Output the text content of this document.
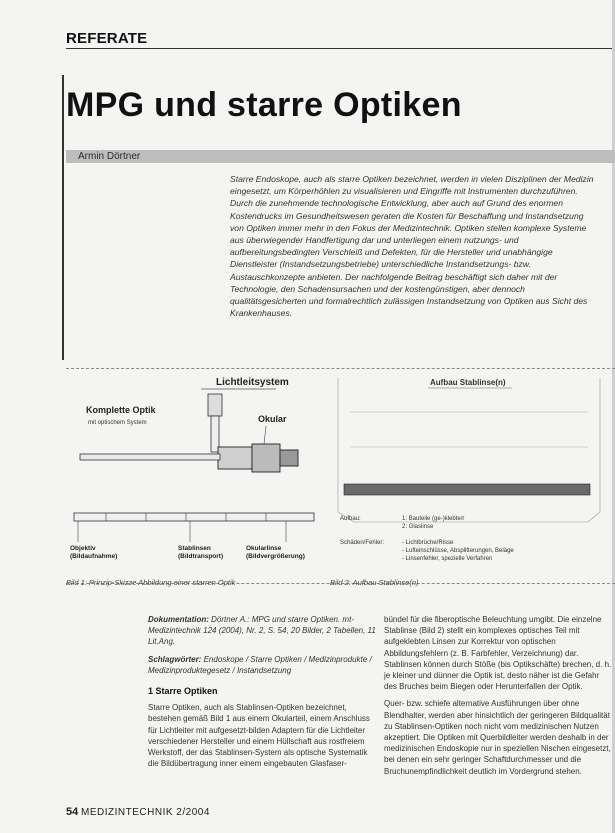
REFERATE
MPG und starre Optiken
Armin Dörtner
Starre Endoskope, auch als starre Optiken bezeichnet, werden in vielen Disziplinen der Medizin eingesetzt, um Körperhöhlen zu visualisieren und Eingriffe mit Instrumenten durchzuführen. Durch die zunehmende technologische Entwicklung, aber auch auf Grund des enormen Kostendrucks im Gesundheitswesen geraten die Kosten für Beschaffung und Instandsetzung von Optiken immer mehr in den Fokus der Medizintechnik. Optiken stellen komplexe Systeme aus überwiegender Handfertigung dar und unterliegen einem nutzungs- und aufbereitungsbedingten Verschleiß und Defekten, für die Hersteller und unabhängige Dienstleister (Instandsetzungsbetriebe) unterschiedliche Instandsetzungs- bzw. Austauschkonzepte anbieten. Der nachfolgende Beitrag beschäftigt sich daher mit der Technologie, den Schadensursachen und der kostengünstigen, aber dennoch qualitätsgesicherten und formalrechtlich zulässigen Instandsetzung von Optiken aus Sicht des Krankenhauses.
Lichtleitsystem
Komplette Optik
mit optischem System	Okular
Objektiv
(Bildaufnahme)
Stablinsen
(Bildtransport)
Okularlinse
(Bildvergrößerung)
Aufbau Stablinse(n)
Aufbau:	1: Bauteile (ge-)klebte/r
2: Glaslinse
Schäden/Fehler:	- Lichtbrüche/Risse
- Lufteinschlüsse, Absplitterungen, Beläge
- Linsenfehler, spezielle Verfahren
Bild 1: Prinzip-Skizze Abbildung einer starren Optik	Bild 2: Aufbau Stablinse(n)

Dokumentation: Dörtner A.: MPG und starre Optiken. mt-Medizintechnik 124 (2004), Nr. 2, S. 54, 20 Bilder, 2 Tabellen, 11 Lit.Ang.

Schlagwörter: Endoskope / Starre Optiken / Medizinprodukte / Medizinproduktegesetz / Instandsetzung

1 Starre Optiken

Starre Optiken, auch als Stablinsen-Optiken bezeichnet, bestehen gemäß Bild 1 aus einem Okularteil, einem Anschluss für Lichtleiter mit aufgesetzt-bilden Adaptern für die Lichtleiter verschiedener Hersteller und einem Hüllschaft aus rostfreiem Werkstoff, der das Stablinsen-System als optische Systematik die Bildübertragung inner einem eingebauten Glasfaser-

bündel für die fiberoptische Beleuchtung umgibt. Die einzelne Stablinse (Bild 2) stellt ein komplexes optisches Teil mit aufgeklebten Linsen zur Korrektur von optischen Abbildungsfehlern (z. B. Farbfehler, Verzeichnung) dar. Stablinsen können durch Stöße (bis Optikschäfte) brechen, d. h. je kleiner und dünner die Optik ist, desto näher ist die Gefahr des Bruches beim Biegen oder Herunterfallen der Optik.

Quer- bzw. schiefe alternative Ausführungen über ohne Blendhalter, werden aber hinsichtlich der geringeren Bildqualität zu Stablinsen-Optiken noch nicht vom medizinischen Nutzen akzeptiert. Die Optiken mit Querbildleiter werden deshalb in der medizinischen Endoskopie nur in speziellen Nischen eingesetzt, bei denen ein sehr geringer Schaftdurchmesser und die Bruchunempfindlichkeit deutlich im Vordergrund stehen.

54 MEDIZINTECHNIK 2/2004
